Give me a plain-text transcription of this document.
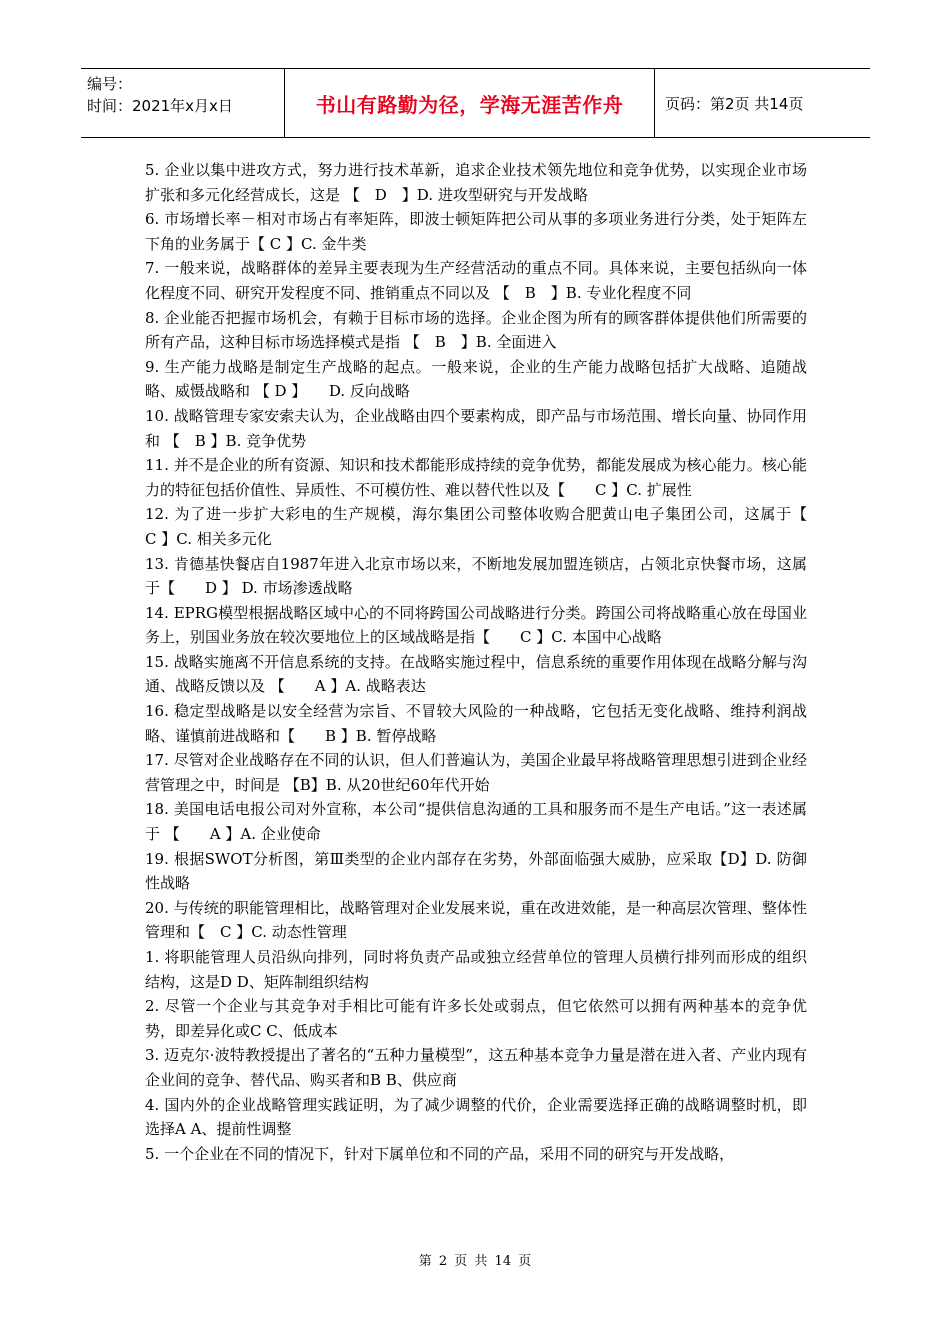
编号：
时间：2021年x月x日	书山有路勤为径，学海无涯苦作舟	页码：第2页 共14页

5. 企业以集中进攻方式，努力进行技术革新，追求企业技术领先地位和竞争优势，以实现企业市场扩张和多元化经营成长，这是 【　D　】D. 进攻型研究与开发战略

6. 市场增长率－相对市场占有率矩阵，即波士顿矩阵把公司从事的多项业务进行分类，处于矩阵左下角的业务属于【 C 】C. 金牛类

7. 一般来说，战略群体的差异主要表现为生产经营活动的重点不同。具体来说，主要包括纵向一体化程度不同、研究开发程度不同、推销重点不同以及 【　B　】B. 专业化程度不同

8. 企业能否把握市场机会，有赖于目标市场的选择。企业企图为所有的顾客群体提供他们所需要的所有产品，这种目标市场选择模式是指 【　B　】B. 全面进入

9. 生产能力战略是制定生产战略的起点。一般来说，企业的生产能力战略包括扩大战略、追随战略、威慑战略和 【 D 】　　D. 反向战略

10. 战略管理专家安索夫认为，企业战略由四个要素构成，即产品与市场范围、增长向量、协同作用和 【　B 】B. 竞争优势

11. 并不是企业的所有资源、知识和技术都能形成持续的竞争优势，都能发展成为核心能力。核心能力的特征包括价值性、异质性、不可模仿性、难以替代性以及【　　C 】C. 扩展性

12. 为了进一步扩大彩电的生产规模，海尔集团公司整体收购合肥黄山电子集团公司，这属于【　　C 】C. 相关多元化

13. 肯德基快餐店自1987年进入北京市场以来，不断地发展加盟连锁店，占领北京快餐市场，这属于【　　D 】 D. 市场渗透战略

14. EPRG模型根据战略区域中心的不同将跨国公司战略进行分类。跨国公司将战略重心放在母国业务上，别国业务放在较次要地位上的区域战略是指【　　C 】C. 本国中心战略

15. 战略实施离不开信息系统的支持。在战略实施过程中，信息系统的重要作用体现在战略分解与沟通、战略反馈以及 【　　A 】A. 战略表达

16. 稳定型战略是以安全经营为宗旨、不冒较大风险的一种战略，它包括无变化战略、维持利润战略、谨慎前进战略和【　　B 】B. 暂停战略

17. 尽管对企业战略存在不同的认识，但人们普遍认为，美国企业最早将战略管理思想引进到企业经营管理之中，时间是 【B】B. 从20世纪60年代开始

18. 美国电话电报公司对外宣称，本公司“提供信息沟通的工具和服务而不是生产电话。”这一表述属于 【　　A 】A. 企业使命

19. 根据SWOT分析图，第Ⅲ类型的企业内部存在劣势，外部面临强大威胁，应采取【D】D. 防御性战略

20. 与传统的职能管理相比，战略管理对企业发展来说，重在改进效能，是一种高层次管理、整体性管理和【　C 】C. 动态性管理

1. 将职能管理人员沿纵向排列，同时将负责产品或独立经营单位的管理人员横行排列而形成的组织结构，这是D D、矩阵制组织结构

2. 尽管一个企业与其竞争对手相比可能有许多长处或弱点，但它依然可以拥有两种基本的竞争优势，即差异化或C C、低成本

3. 迈克尔·波特教授提出了著名的“五种力量模型”，这五种基本竞争力量是潜在进入者、产业内现有企业间的竞争、替代品、购买者和B B、供应商

4. 国内外的企业战略管理实践证明，为了减少调整的代价，企业需要选择正确的战略调整时机，即选择A A、提前性调整

5. 一个企业在不同的情况下，针对下属单位和不同的产品，采用不同的研究与开发战略，

第 2 页 共 14 页
